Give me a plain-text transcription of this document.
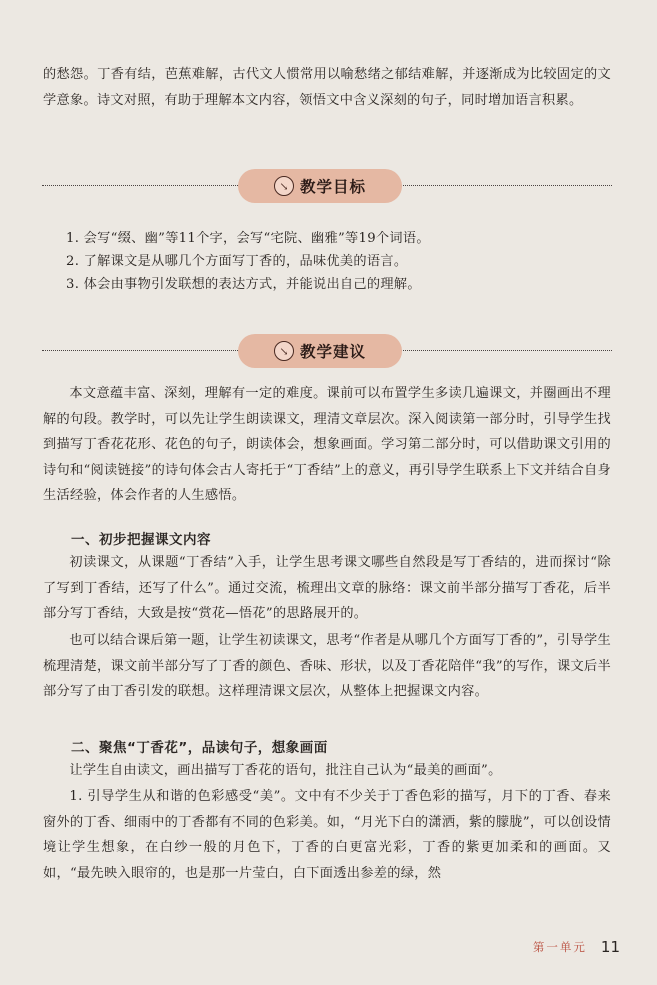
的愁怨。丁香有结，芭蕉难解，古代文人惯常用以喻愁绪之郁结难解，并逐渐成为比较固定的文学意象。诗文对照，有助于理解本文内容，领悟文中含义深刻的句子，同时增加语言积累。

↘ 教学目标
1. 会写“缀、幽”等11个字，会写“宅院、幽雅”等19个词语。
2. 了解课文是从哪几个方面写丁香的，品味优美的语言。
3. 体会由事物引发联想的表达方式，并能说出自己的理解。
↘ 教学建议

本文意蕴丰富、深刻，理解有一定的难度。课前可以布置学生多读几遍课文，并圈画出不理解的句段。教学时，可以先让学生朗读课文，理清文章层次。深入阅读第一部分时，引导学生找到描写丁香花花形、花色的句子，朗读体会，想象画面。学习第二部分时，可以借助课文引用的诗句和“阅读链接”的诗句体会古人寄托于“丁香结”上的意义，再引导学生联系上下文并结合自身生活经验，体会作者的人生感悟。

一、初步把握课文内容

初读课文，从课题“丁香结”入手，让学生思考课文哪些自然段是写丁香结的，进而探讨“除了写到丁香结，还写了什么”。通过交流，梳理出文章的脉络：课文前半部分描写丁香花，后半部分写丁香结，大致是按“赏花—悟花”的思路展开的。

也可以结合课后第一题，让学生初读课文，思考“作者是从哪几个方面写丁香的”，引导学生梳理清楚，课文前半部分写了丁香的颜色、香味、形状，以及丁香花陪伴“我”的写作，课文后半部分写了由丁香引发的联想。这样理清课文层次，从整体上把握课文内容。

二、聚焦“丁香花”，品读句子，想象画面

让学生自由读文，画出描写丁香花的语句，批注自己认为“最美的画面”。

1. 引导学生从和谐的色彩感受“美”。文中有不少关于丁香色彩的描写，月下的丁香、春来窗外的丁香、细雨中的丁香都有不同的色彩美。如，“月光下白的潇洒，紫的朦胧”，可以创设情境让学生想象，在白纱一般的月色下，丁香的白更富光彩，丁香的紫更加柔和的画面。又如，“最先映入眼帘的，也是那一片莹白，白下面透出参差的绿，然

第一单元 11
